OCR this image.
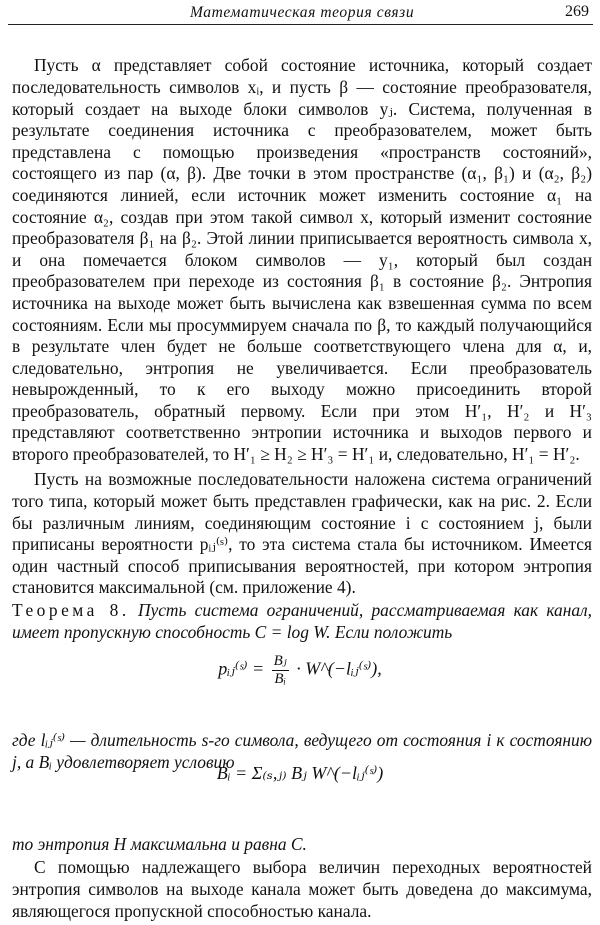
Математическая теория связи	269

Пусть α представляет собой состояние источника, который создает последовательность символов xᵢ, и пусть β — состояние преобразователя, который создает на выходе блоки символов yⱼ. Система, полученная в результате соединения источника с преобразователем, может быть представлена с помощью произведения «пространств состояний», состоящего из пар (α, β). Две точки в этом пространстве (α₁, β₁) и (α₂, β₂) соединяются линией, если источник может изменить состояние α₁ на состояние α₂, создав при этом такой символ x, который изменит состояние преобразователя β₁ на β₂. Этой линии приписывается вероятность символа x, и она помечается блоком символов — y₁, который был создан преобразователем при переходе из состояния β₁ в состояние β₂. Энтропия источника на выходе может быть вычислена как взвешенная сумма по всем состояниям. Если мы просуммируем сначала по β, то каждый получающийся в результате член будет не больше соответствующего члена для α, и, следовательно, энтропия не увеличивается. Если преобразователь невырожденный, то к его выходу можно присоединить второй преобразователь, обратный первому. Если при этом H′₁, H′₂ и H′₃ представляют соответственно энтропии источника и выходов первого и второго преобразователей, то H′₁ ≥ H₂ ≥ H′₃ = H′₁ и, следовательно, H′₁ = H′₂.

Пусть на возможные последовательности наложена система ограничений того типа, который может быть представлен графически, как на рис. 2. Если бы различным линиям, соединяющим состояние i с состоянием j, были приписаны вероятности pᵢⱼ⁽ˢ⁾, то эта система стала бы источником. Имеется один частный способ приписывания вероятностей, при котором энтропия становится максимальной (см. приложение 4).

Теорема 8. Пусть система ограничений, рассматриваемая как канал, имеет пропускную способность C = log W. Если положить
pᵢⱼ⁽ˢ⁾ = $\frac{\text{Bⱼ}}{\text{Bᵢ}}$ · W^(−lᵢⱼ⁽ˢ⁾),

где lᵢⱼ⁽ˢ⁾ — длительность s-го символа, ведущего от состояния i к состоянию j, а Bᵢ удовлетворяет условию

Bᵢ = Σ₍ₛ,ⱼ₎ Bⱼ W^(−lᵢⱼ⁽ˢ⁾)

то энтропия H максимальна и равна C.

С помощью надлежащего выбора величин переходных вероятностей энтропия символов на выходе канала может быть доведена до максимума, являющегося пропускной способностью канала.
